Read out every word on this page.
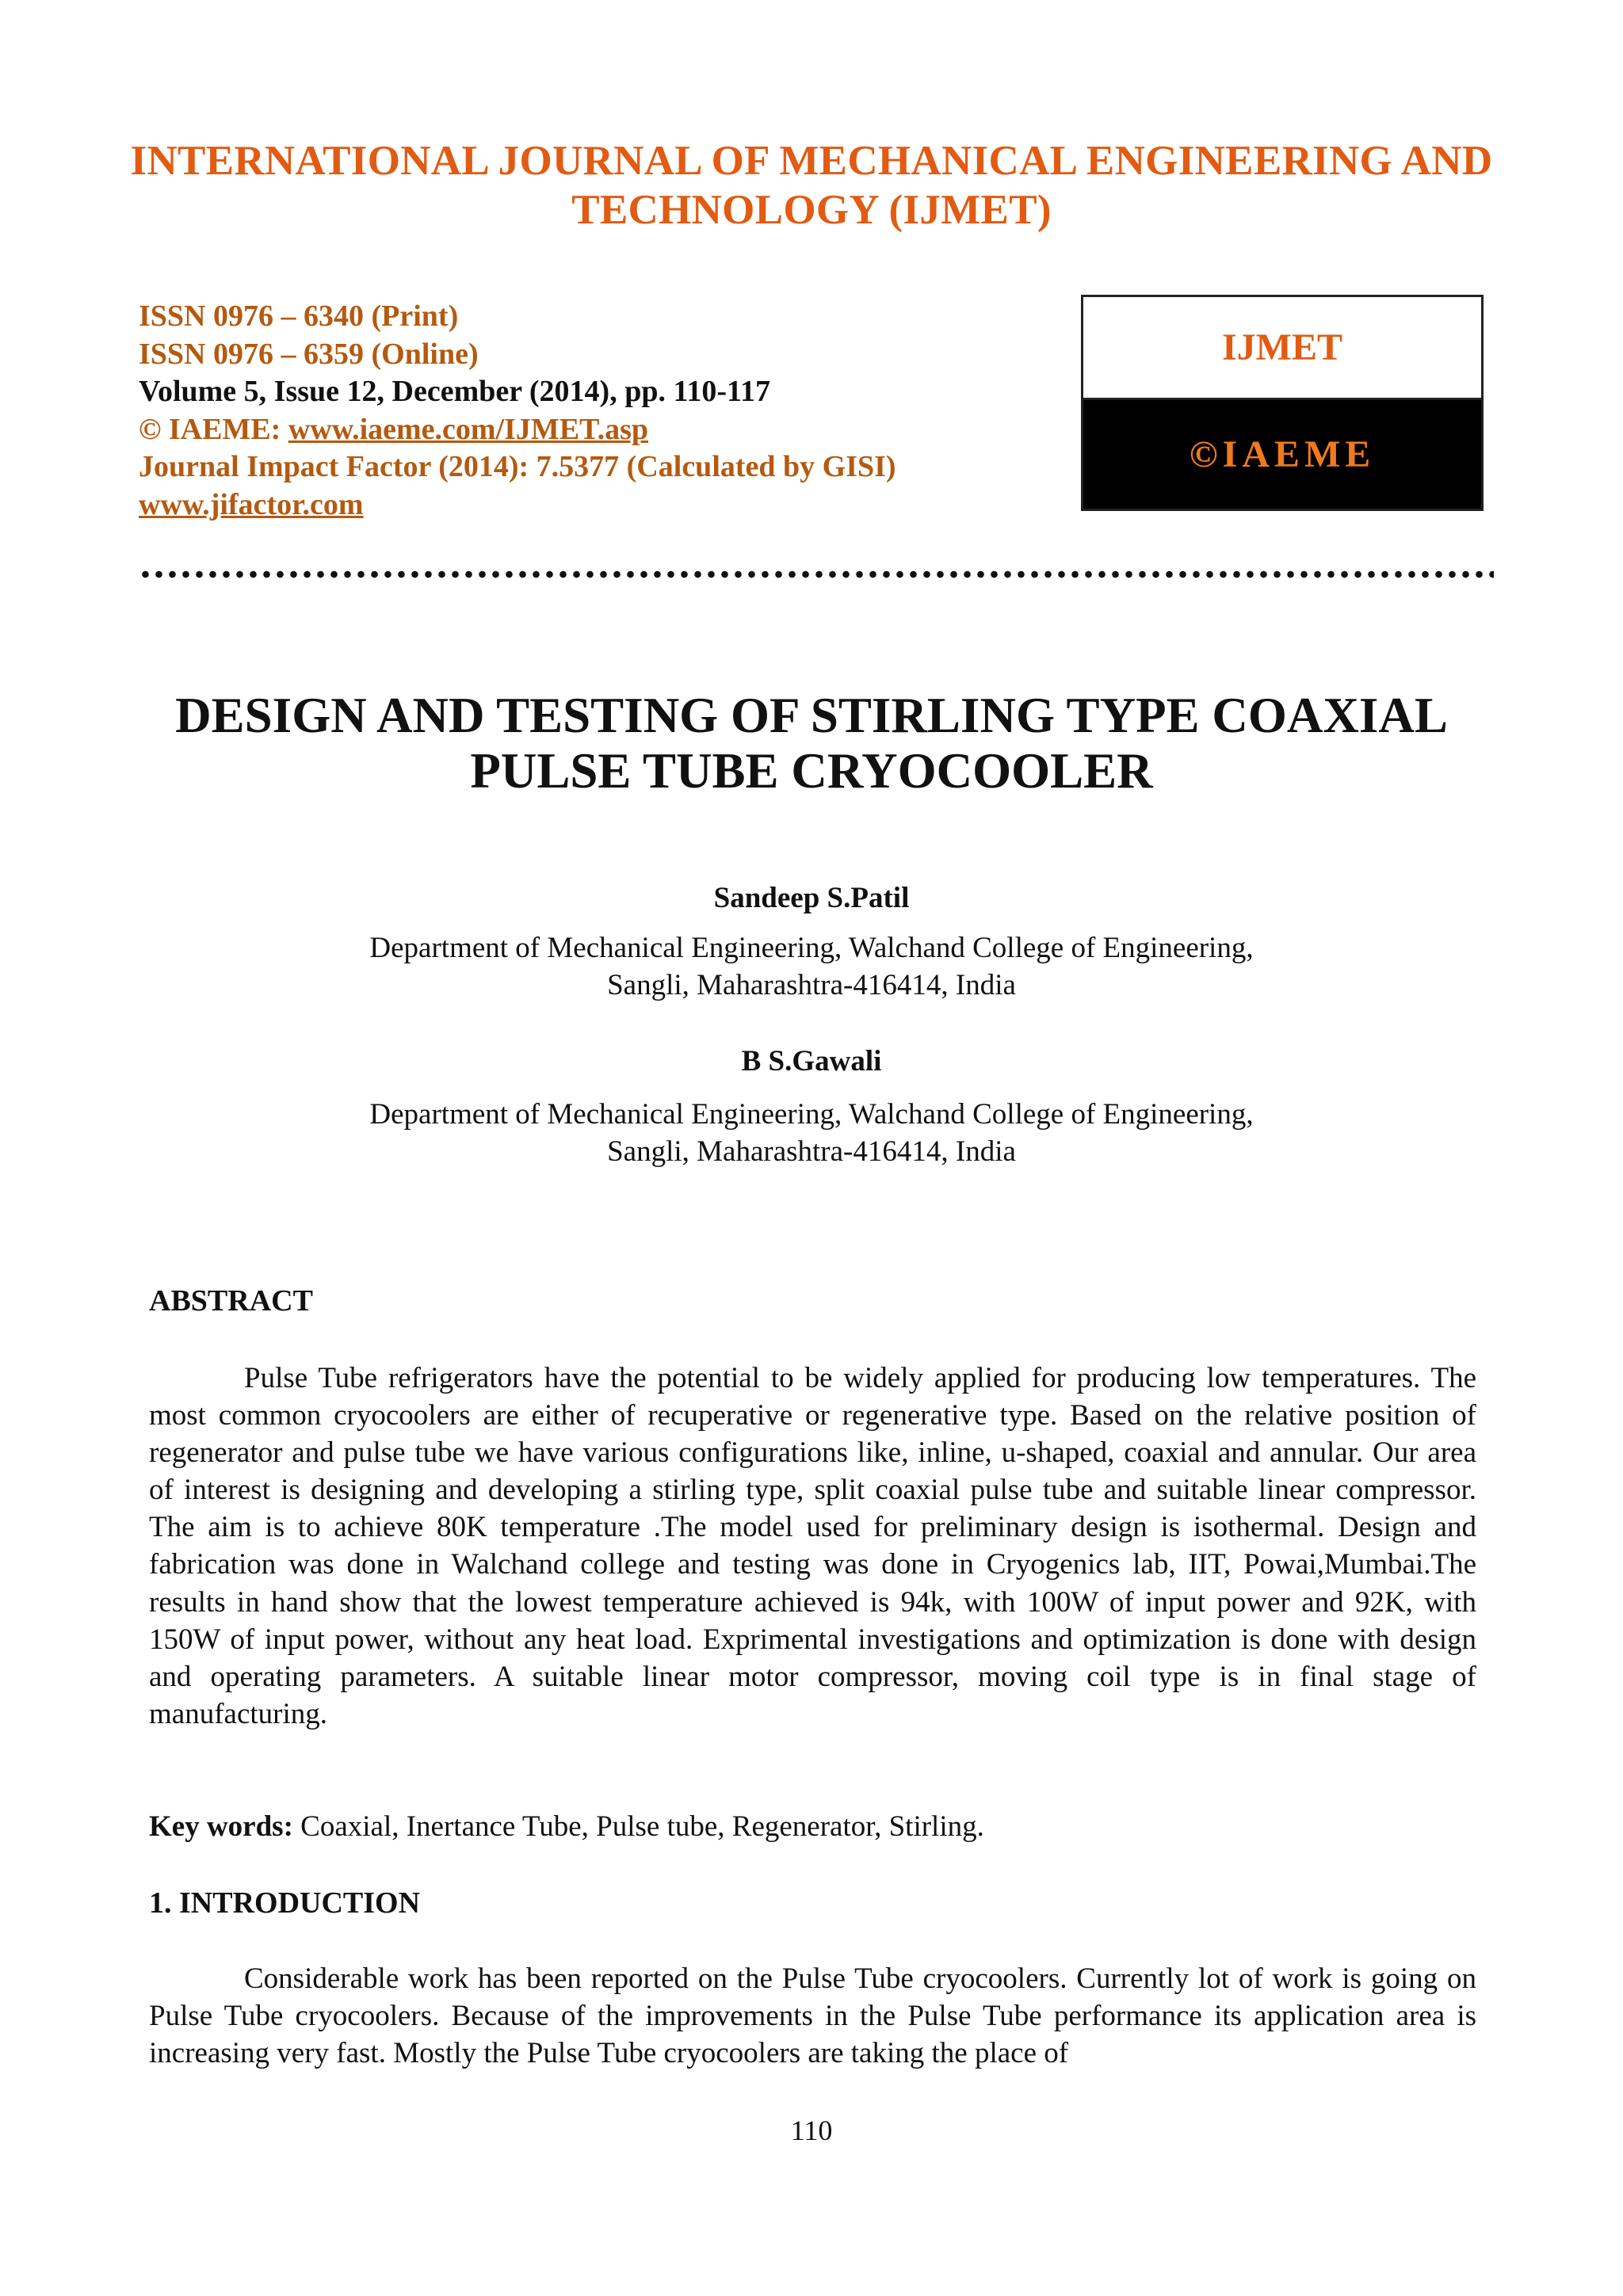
INTERNATIONAL JOURNAL OF MECHANICAL ENGINEERING AND
TECHNOLOGY (IJMET)
ISSN 0976 – 6340 (Print)
ISSN 0976 – 6359 (Online)
Volume 5, Issue 12, December (2014), pp. 110-117
© IAEME: www.iaeme.com/IJMET.asp
Journal Impact Factor (2014): 7.5377 (Calculated by GISI)
www.jifactor.com
IJMET
©IAEME
DESIGN AND TESTING OF STIRLING TYPE COAXIAL
PULSE TUBE CRYOCOOLER
Sandeep S.Patil
Department of Mechanical Engineering, Walchand College of Engineering,
Sangli, Maharashtra-416414, India
B S.Gawali
Department of Mechanical Engineering, Walchand College of Engineering,
Sangli, Maharashtra-416414, India
ABSTRACT
Pulse Tube refrigerators have the potential to be widely applied for producing low temperatures. The most common cryocoolers are either of recuperative or regenerative type. Based on the relative position of regenerator and pulse tube we have various configurations like, inline, u-shaped, coaxial and annular. Our area of interest is designing and developing a stirling type, split coaxial pulse tube and suitable linear compressor. The aim is to achieve 80K temperature .The model used for preliminary design is isothermal. Design and fabrication was done in Walchand college and testing was done in Cryogenics lab, IIT, Powai,Mumbai.The results in hand show that the lowest temperature achieved is 94k, with 100W of input power and 92K, with 150W of input power, without any heat load. Exprimental investigations and optimization is done with design and operating parameters. A suitable linear motor compressor, moving coil type is in final stage of manufacturing.
Key words: Coaxial, Inertance Tube, Pulse tube, Regenerator, Stirling.
1. INTRODUCTION
Considerable work has been reported on the Pulse Tube cryocoolers. Currently lot of work is going on Pulse Tube cryocoolers. Because of the improvements in the Pulse Tube performance its application area is increasing very fast. Mostly the Pulse Tube cryocoolers are taking the place of
110
